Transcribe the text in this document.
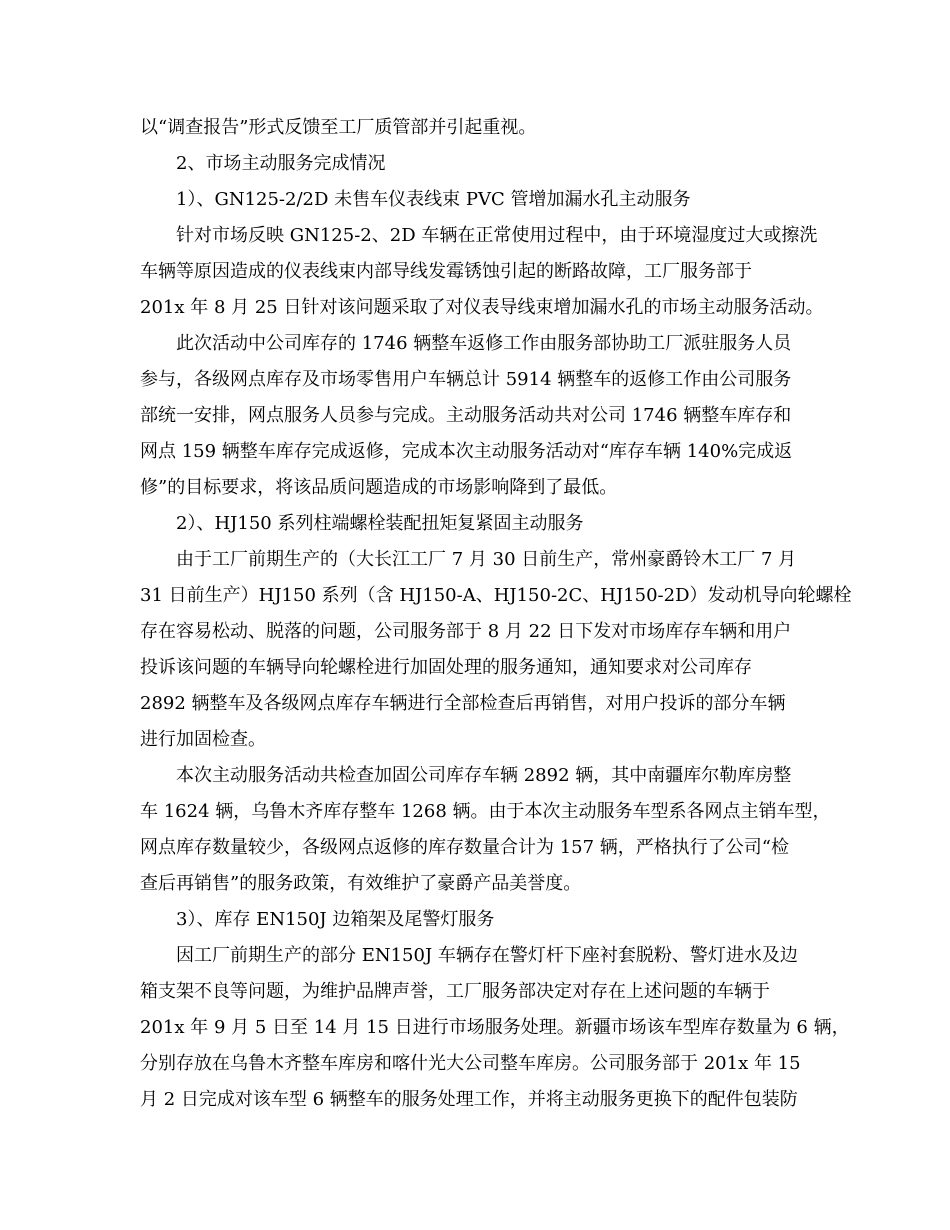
以“调查报告”形式反馈至工厂质管部并引起重视。
2、市场主动服务完成情况
1）、GN125-2/2D 未售车仪表线束 PVC 管增加漏水孔主动服务
针对市场反映 GN125-2、2D 车辆在正常使用过程中，由于环境湿度过大或擦洗
车辆等原因造成的仪表线束内部导线发霉锈蚀引起的断路故障，工厂服务部于
201x 年 8 月 25 日针对该问题采取了对仪表导线束增加漏水孔的市场主动服务活动。
此次活动中公司库存的 1746 辆整车返修工作由服务部协助工厂派驻服务人员
参与，各级网点库存及市场零售用户车辆总计 5914 辆整车的返修工作由公司服务
部统一安排，网点服务人员参与完成。主动服务活动共对公司 1746 辆整车库存和
网点 159 辆整车库存完成返修，完成本次主动服务活动对“库存车辆 140%完成返
修”的目标要求，将该品质问题造成的市场影响降到了最低。
2）、HJ150 系列柱端螺栓装配扭矩复紧固主动服务
由于工厂前期生产的（大长江工厂 7 月 30 日前生产，常州豪爵铃木工厂 7 月
31 日前生产）HJ150 系列（含 HJ150-A、HJ150-2C、HJ150-2D）发动机导向轮螺栓
存在容易松动、脱落的问题，公司服务部于 8 月 22 日下发对市场库存车辆和用户
投诉该问题的车辆导向轮螺栓进行加固处理的服务通知，通知要求对公司库存
2892 辆整车及各级网点库存车辆进行全部检查后再销售，对用户投诉的部分车辆
进行加固检查。
本次主动服务活动共检查加固公司库存车辆 2892 辆，其中南疆库尔勒库房整
车 1624 辆，乌鲁木齐库存整车 1268 辆。由于本次主动服务车型系各网点主销车型，
网点库存数量较少，各级网点返修的库存数量合计为 157 辆，严格执行了公司“检
查后再销售”的服务政策，有效维护了豪爵产品美誉度。
3）、库存 EN150J 边箱架及尾警灯服务
因工厂前期生产的部分 EN150J 车辆存在警灯杆下座衬套脱粉、警灯进水及边
箱支架不良等问题，为维护品牌声誉，工厂服务部决定对存在上述问题的车辆于
201x 年 9 月 5 日至 14 月 15 日进行市场服务处理。新疆市场该车型库存数量为 6 辆，
分别存放在乌鲁木齐整车库房和喀什光大公司整车库房。公司服务部于 201x 年 15
月 2 日完成对该车型 6 辆整车的服务处理工作，并将主动服务更换下的配件包装防
